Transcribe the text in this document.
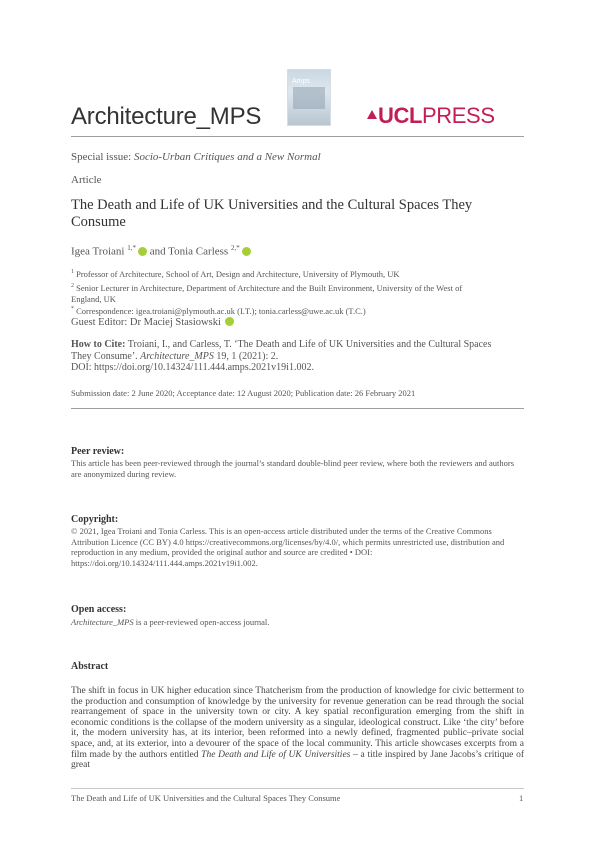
Amps
Architecture_MPS	UCLPRESS
Special issue: Socio-Urban Critiques and a New Normal
Article
The Death and Life of UK Universities and the Cultural Spaces They Consume
Igea Troiani $^{1,*}$ and Tonia Carless $^{2,*}$
$^1$ Professor of Architecture, School of Art, Design and Architecture, University of Plymouth, UK
$^2$ Senior Lecturer in Architecture, Department of Architecture and the Built Environment, University of the West of England, UK
* Correspondence: igea.troiani@plymouth.ac.uk (I.T.); tonia.carless@uwe.ac.uk (T.C.)
Guest Editor: Dr Maciej Stasiowski
How to Cite: Troiani, I., and Carless, T. ‘The Death and Life of UK Universities and the Cultural Spaces They Consume’. Architecture_MPS 19, 1 (2021): 2.
DOI: https://doi.org/10.14324/111.444.amps.2021v19i1.002.
Submission date: 2 June 2020; Acceptance date: 12 August 2020; Publication date: 26 February 2021
Peer review:
This article has been peer-reviewed through the journal’s standard double-blind peer review, where both the reviewers and authors are anonymized during review.
Copyright:
© 2021, Igea Troiani and Tonia Carless. This is an open-access article distributed under the terms of the Creative Commons Attribution Licence (CC BY) 4.0 https://creativecommons.org/licenses/by/4.0/, which permits unrestricted use, distribution and reproduction in any medium, provided the original author and source are credited • DOI: https://doi.org/10.14324/111.444.amps.2021v19i1.002.
Open access:
Architecture_MPS is a peer-reviewed open-access journal.
Abstract
The shift in focus in UK higher education since Thatcherism from the production of knowledge for civic betterment to the production and consumption of knowledge by the university for revenue generation can be read through the social rearrangement of space in the university town or city. A key spatial reconfiguration emerging from the shift in economic conditions is the collapse of the modern university as a singular, ideological construct. Like ‘the city’ before it, the modern university has, at its interior, been reformed into a newly defined, fragmented public–private social space, and, at its exterior, into a devourer of the space of the local community. This article showcases excerpts from a film made by the authors entitled The Death and Life of UK Universities – a title inspired by Jane Jacobs’s critique of great
The Death and Life of UK Universities and the Cultural Spaces They Consume	1
